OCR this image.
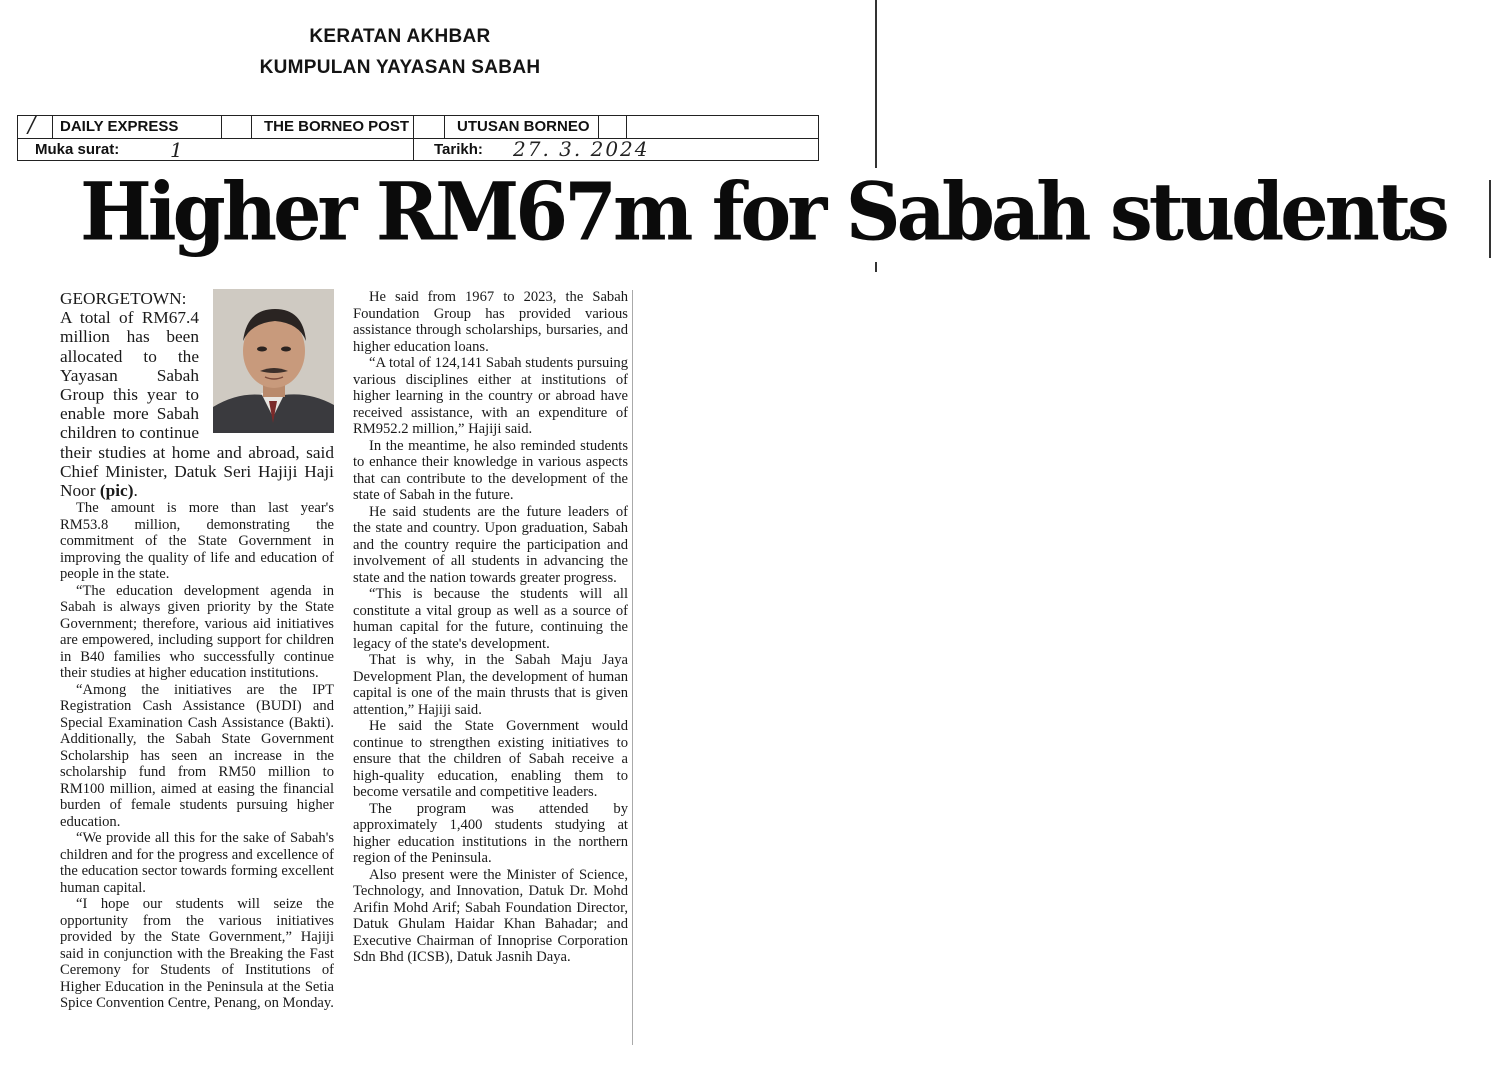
KERATAN AKHBAR
KUMPULAN YAYASAN SABAH
/ DAILY EXPRESS	THE BORNEO POST	UTUSAN BORNEO
Muka surat:	1	Tarikh: 27. 3. 2024
Higher RM67m for Sabah students

GEORGETOWN: A total of RM67.4 million has been allocated to the Yayasan Sabah Group this year to enable more Sabah children to continue their studies at home and abroad, said Chief Minister, Datuk Seri Hajiji Haji Noor (pic).

The amount is more than last year's RM53.8 million, demonstrating the commitment of the State Government in improving the quality of life and education of people in the state.

“The education development agenda in Sabah is always given priority by the State Government; therefore, various aid initiatives are empowered, including support for children in B40 families who successfully continue their studies at higher education institutions.

“Among the initiatives are the IPT Registration Cash Assistance (BUDI) and Special Examination Cash Assistance (Bakti). Additionally, the Sabah State Government Scholarship has seen an increase in the scholarship fund from RM50 million to RM100 million, aimed at easing the financial burden of female students pursuing higher education.

“We provide all this for the sake of Sabah's children and for the progress and excellence of the education sector towards forming excellent human capital.

“I hope our students will seize the opportunity from the various initiatives provided by the State Government,” Hajiji said in conjunction with the Breaking the Fast Ceremony for Students of Institutions of Higher Education in the Peninsula at the Setia Spice Convention Centre, Penang, on Monday.

He said from 1967 to 2023, the Sabah Foundation Group has provided various assistance through scholarships, bursaries, and higher education loans.

“A total of 124,141 Sabah students pursuing various disciplines either at institutions of higher learning in the country or abroad have received assistance, with an expenditure of RM952.2 million,” Hajiji said.

In the meantime, he also reminded students to enhance their knowledge in various aspects that can contribute to the development of the state of Sabah in the future.

He said students are the future leaders of the state and country. Upon graduation, Sabah and the country require the participation and involvement of all students in advancing the state and the nation towards greater progress.

“This is because the students will all constitute a vital group as well as a source of human capital for the future, continuing the legacy of the state's development.

That is why, in the Sabah Maju Jaya Development Plan, the development of human capital is one of the main thrusts that is given attention,” Hajiji said.

He said the State Government would continue to strengthen existing initiatives to ensure that the children of Sabah receive a high-quality education, enabling them to become versatile and competitive leaders.

The program was attended by approximately 1,400 students studying at higher education institutions in the northern region of the Peninsula.

Also present were the Minister of Science, Technology, and Innovation, Datuk Dr. Mohd Arifin Mohd Arif; Sabah Foundation Director, Datuk Ghulam Haidar Khan Bahadar; and Executive Chairman of Innoprise Corporation Sdn Bhd (ICSB), Datuk Jasnih Daya.
